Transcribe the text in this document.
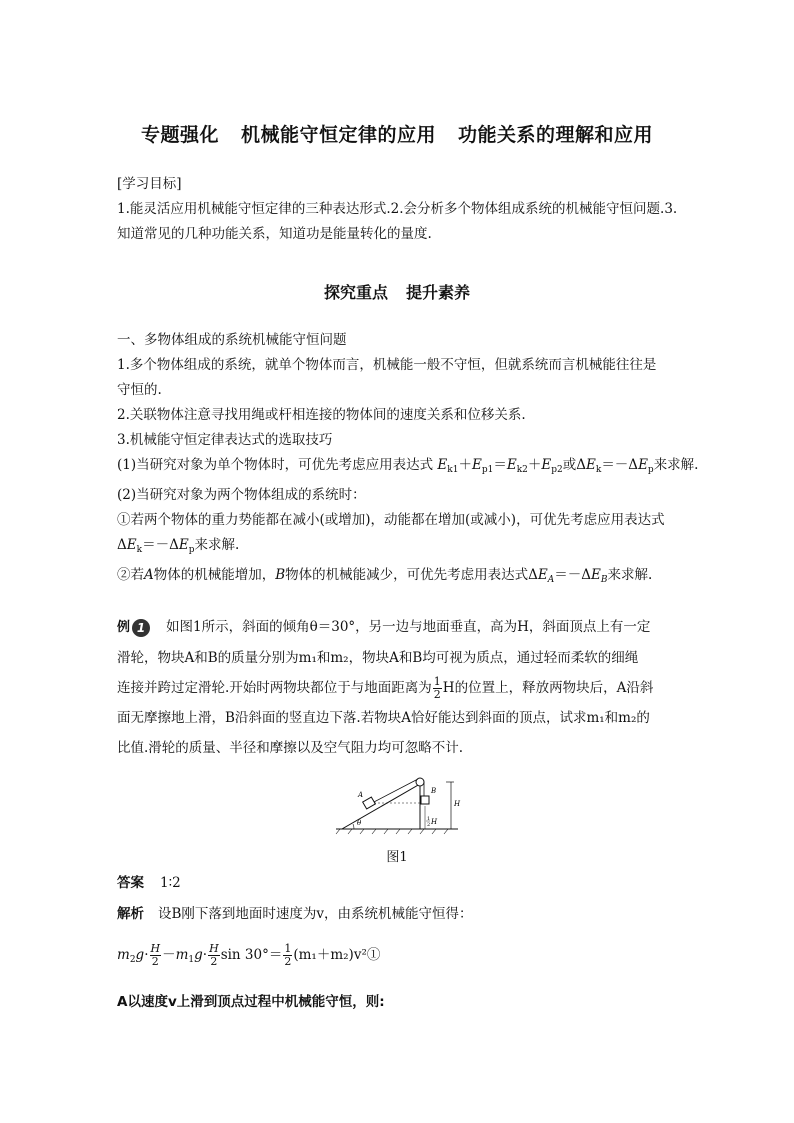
专题强化 机械能守恒定律的应用 功能关系的理解和应用
[学习目标]
1.能灵活应用机械能守恒定律的三种表达形式.2.会分析多个物体组成系统的机械能守恒问题.3.
知道常见的几种功能关系，知道功是能量转化的量度.
探究重点 提升素养
一、多物体组成的系统机械能守恒问题
1.多个物体组成的系统，就单个物体而言，机械能一般不守恒，但就系统而言机械能往往是
守恒的.
2.关联物体注意寻找用绳或杆相连接的物体间的速度关系和位移关系.
3.机械能守恒定律表达式的选取技巧
(1)当研究对象为单个物体时，可优先考虑应用表达式 $E_{k1}+E_{p1}=E_{k2}+E_{p2}$或$\Delta E_k=-\Delta E_p$来求解.
(2)当研究对象为两个物体组成的系统时：
①若两个物体的重力势能都在减小(或增加)，动能都在增加(或减小)，可优先考虑应用表达式
$\Delta E_k=-\Delta E_p$来求解.
②若A物体的机械能增加，B物体的机械能减少，可优先考虑用表达式$\Delta E_A=-\Delta E_B$来求解.
例 1	如图1所示，斜面的倾角θ＝30°，另一边与地面垂直，高为H，斜面顶点上有一定
滑轮，物块A和B的质量分别为m₁和m₂，物块A和B均可视为质点，通过轻而柔软的细绳
连接并跨过定滑轮.开始时两物块都位于与地面距离为 $\frac{1}{2}$ H的位置上，释放两物块后，A沿斜
面无摩擦地上滑，B沿斜面的竖直边下落.若物块A恰好能达到斜面的顶点，试求m₁和m₂的
比值.滑轮的质量、半径和摩擦以及空气阻力均可忽略不计.
θ
A	B
H
1
2 H
图1
答案 1∶2
解析 设B刚下落到地面时速度为v，由系统机械能守恒得：
$m_2g\cdot \frac{H}{2} -m_1g\cdot \frac{H}{2}$ $\sin 30^\circ= \frac{1}{2}$ (m₁＋m₂)v²①
A以速度v上滑到顶点过程中机械能守恒，则:
